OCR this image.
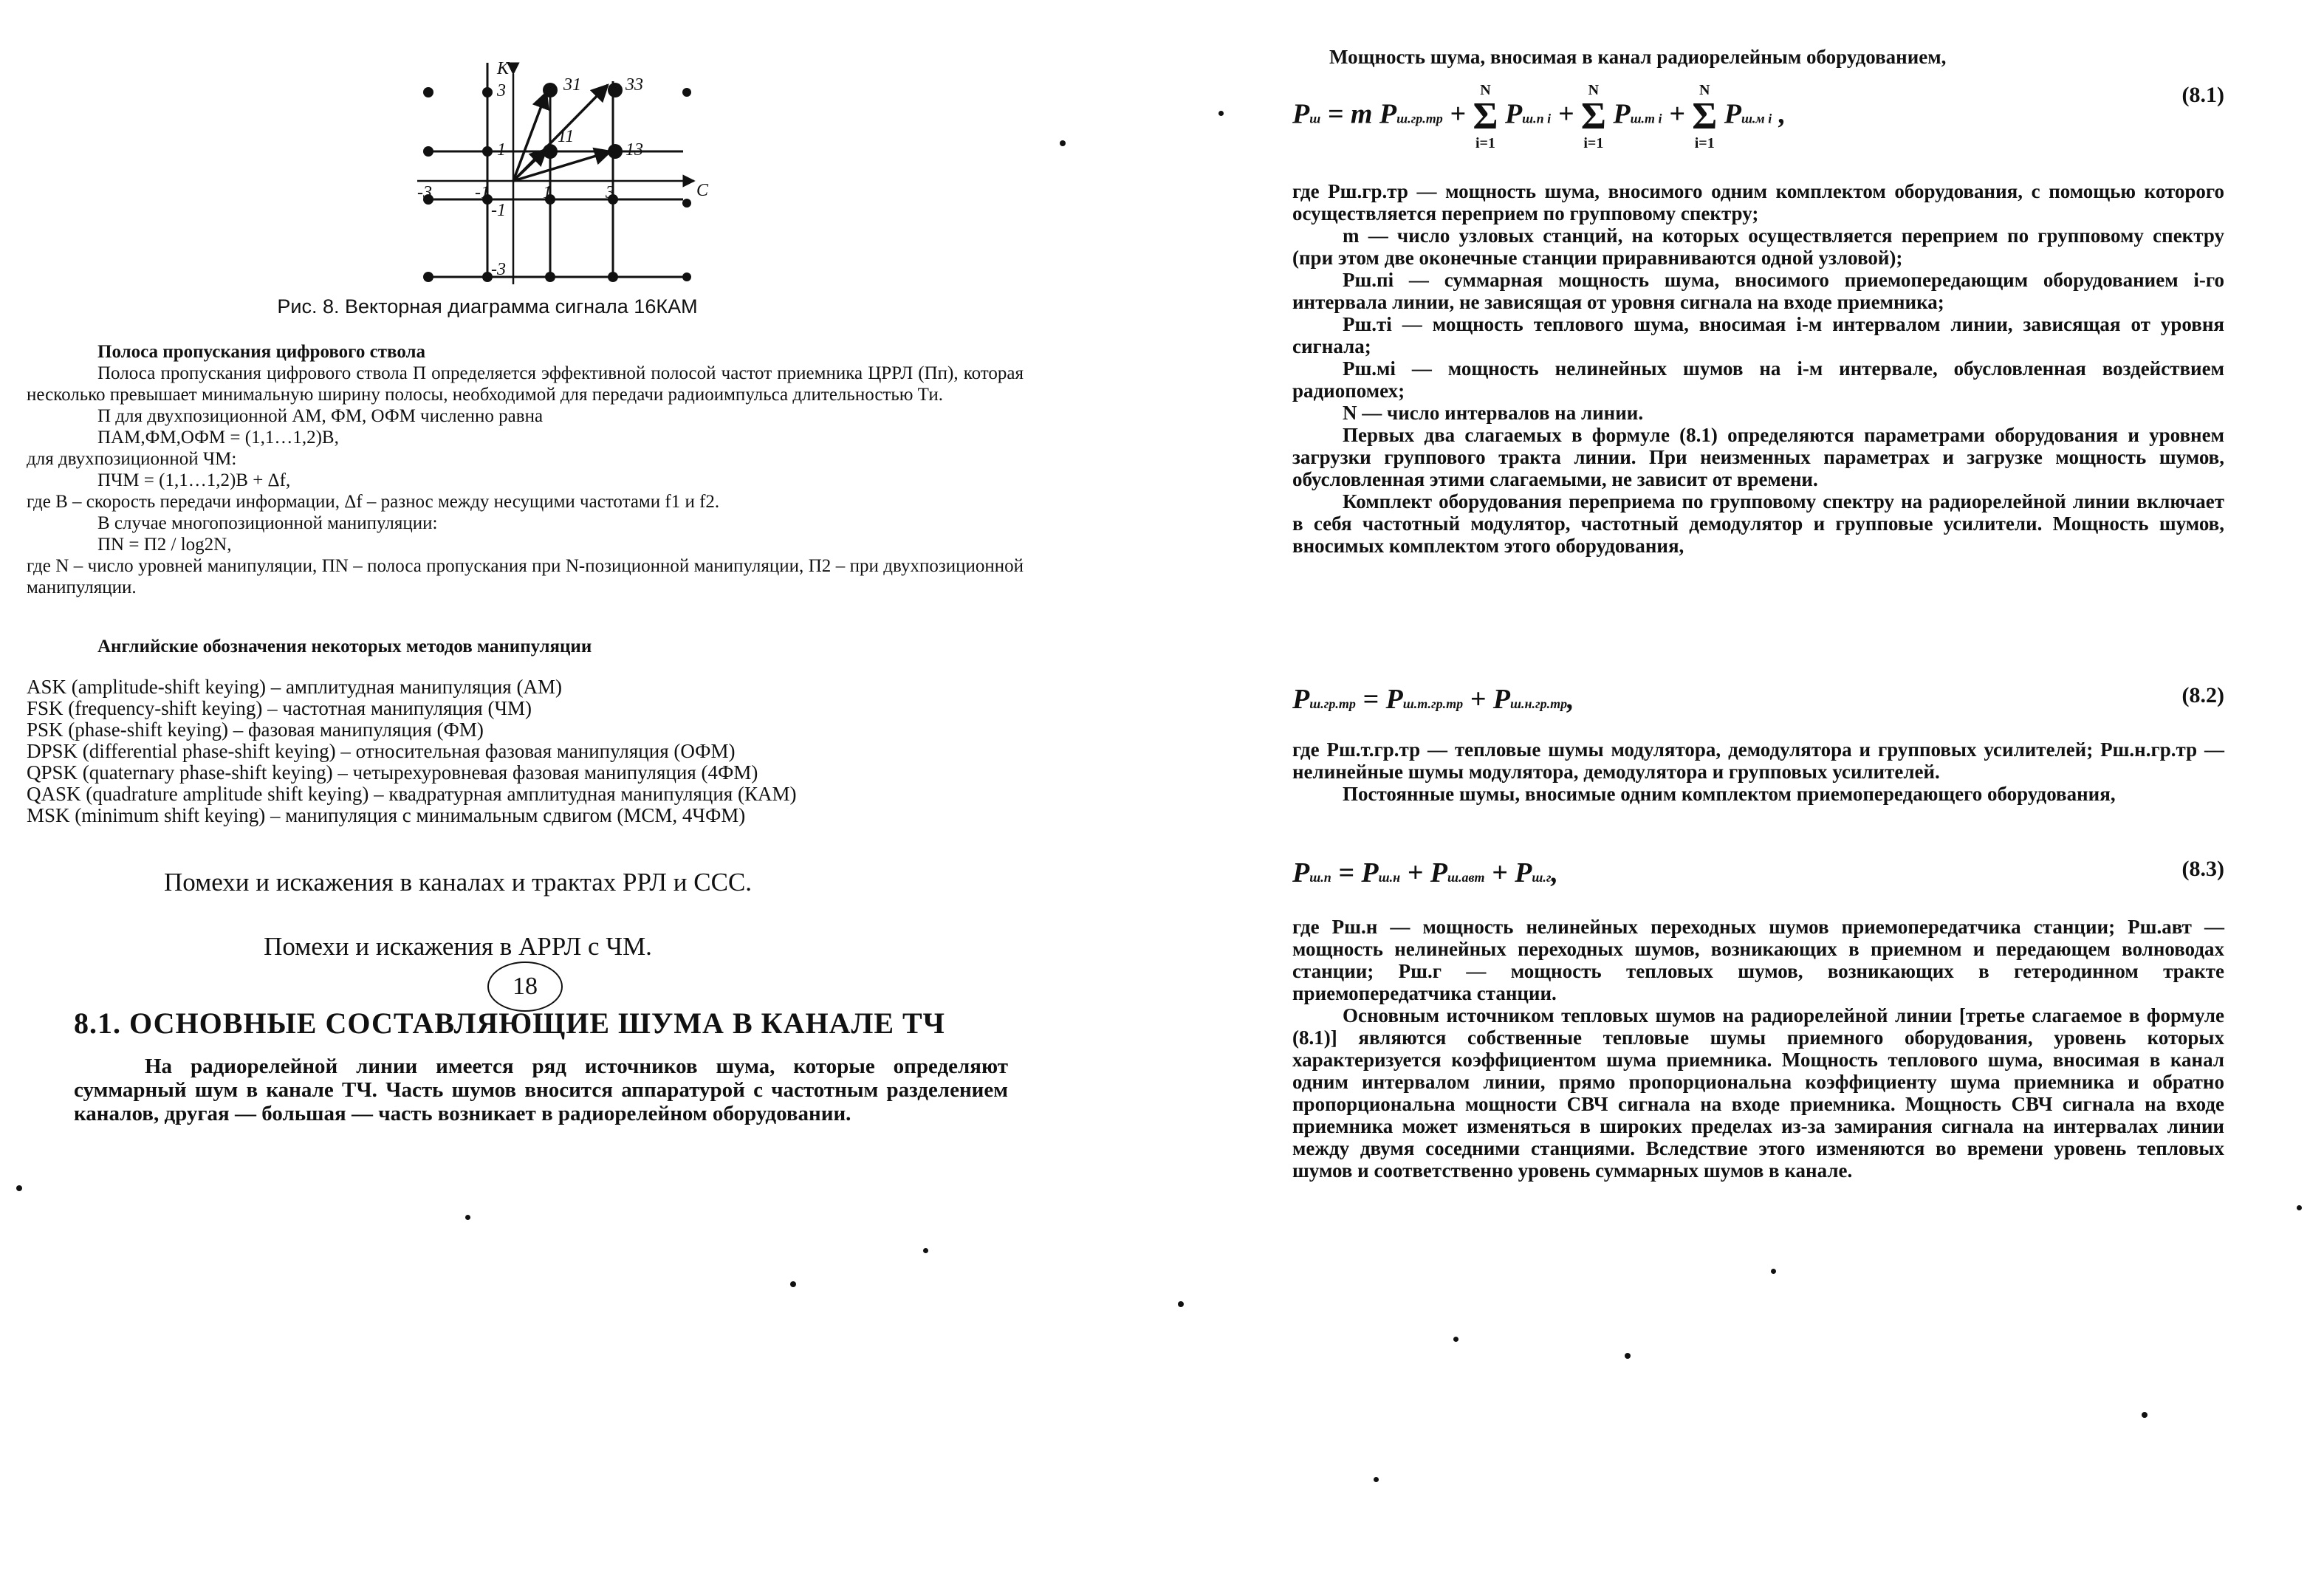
K
C
3
1
-1
-3
-3 -1	1	3
31	33
11
13
Рис. 8. Векторная диаграмма сигнала 16КАМ

Полоса пропускания цифрового ствола

Полоса пропускания цифрового ствола П определяется эффективной полосой частот приемника ЦРРЛ (Пп), которая несколько превышает минимальную ширину полосы, необходимой для передачи радиоимпульса длительностью Ти.

П для двухпозиционной АМ, ФМ, ОФМ численно равна

ПАМ,ФМ,ОФМ = (1,1…1,2)В,

для двухпозиционной ЧМ:

ПЧМ = (1,1…1,2)В + Δf,

где В – скорость передачи информации, Δf – разнос между несущими частотами f1 и f2.

В случае многопозиционной манипуляции:

ПN = П2 / log2N,

где N – число уровней манипуляции, ПN – полоса пропускания при N-позиционной манипуляции, П2 – при двухпозиционной манипуляции.

Английские обозначения некоторых методов манипуляции
ASK (amplitude-shift keying) – амплитудная манипуляция (АМ)
FSK (frequency-shift keying) – частотная манипуляция (ЧМ)
PSK (phase-shift keying) – фазовая манипуляция (ФМ)
DPSK (differential phase-shift keying) – относительная фазовая манипуляция (ОФМ)
QPSK (quaternary phase-shift keying) – четырехуровневая фазовая манипуляция (4ФМ)
QASK (quadrature amplitude shift keying) – квадратурная амплитудная манипуляция (КАМ)
MSK (minimum shift keying) – манипуляция с минимальным сдвигом (МСМ, 4ЧФМ)
Помехи и искажения в каналах и трактах РРЛ и ССС.
Помехи и искажения в АРРЛ с ЧМ.
18
8.1. ОСНОВНЫЕ СОСТАВЛЯЮЩИЕ ШУМА В КАНАЛЕ ТЧ

На радиорелейной линии имеется ряд источников шума, которые определяют суммарный шум в канале ТЧ. Часть шумов вносится аппаратурой с частотным разделением каналов, другая — большая — часть возникает в радиорелейном оборудовании.

Мощность шума, вносимая в канал радиорелейным оборудованием,
Pш = m Pш.гр.тр +
N
Σ
i=1
Pш.п i +
N
Σ
i=1
Pш.т i +
N
Σ
i=1
Pш.м i ,
(8.1)

где Рш.гр.тр — мощность шума, вносимого одним комплектом оборудования, с помощью которого осуществляется переприем по групповому спектру;

m — число узловых станций, на которых осуществляется переприем по групповому спектру (при этом две оконечные станции приравниваются одной узловой);

Рш.пi — суммарная мощность шума, вносимого приемопередающим оборудованием i-го интервала линии, не зависящая от уровня сигнала на входе приемника;

Рш.тi — мощность теплового шума, вносимая i-м интервалом линии, зависящая от уровня сигнала;

Рш.мi — мощность нелинейных шумов на i-м интервале, обусловленная воздействием радиопомех;

N — число интервалов на линии.

Первых два слагаемых в формуле (8.1) определяются параметрами оборудования и уровнем загрузки группового тракта линии. При неизменных параметрах и загрузке мощность шумов, обусловленная этими слагаемыми, не зависит от времени.

Комплект оборудования переприема по групповому спектру на радиорелейной линии включает в себя частотный модулятор, частотный демодулятор и групповые усилители. Мощность шумов, вносимых комплектом этого оборудования,

Pш.гр.тр = Pш.т.гр.тр + Pш.н.гр.тр,	(8.2)

где Рш.т.гр.тр — тепловые шумы модулятора, демодулятора и групповых усилителей; Рш.н.гр.тр — нелинейные шумы модулятора, демодулятора и групповых усилителей.

Постоянные шумы, вносимые одним комплектом приемопередающего оборудования,

Pш.п = Pш.н + Pш.авт + Pш.г,	(8.3)

где Рш.н — мощность нелинейных переходных шумов приемопередатчика станции; Рш.авт — мощность нелинейных переходных шумов, возникающих в приемном и передающем волноводах станции; Рш.г — мощность тепловых шумов, возникающих в гетеродинном тракте приемопередатчика станции.

Основным источником тепловых шумов на радиорелейной линии [третье слагаемое в формуле (8.1)] являются собственные тепловые шумы приемного оборудования, уровень которых характеризуется коэффициентом шума приемника. Мощность теплового шума, вносимая в канал одним интервалом линии, прямо пропорциональна коэффициенту шума приемника и обратно пропорциональна мощности СВЧ сигнала на входе приемника. Мощность СВЧ сигнала на входе приемника может изменяться в широких пределах из-за замирания сигнала на интервалах линии между двумя соседними станциями. Вследствие этого изменяются во времени уровень тепловых шумов и соответственно уровень суммарных шумов в канале.
